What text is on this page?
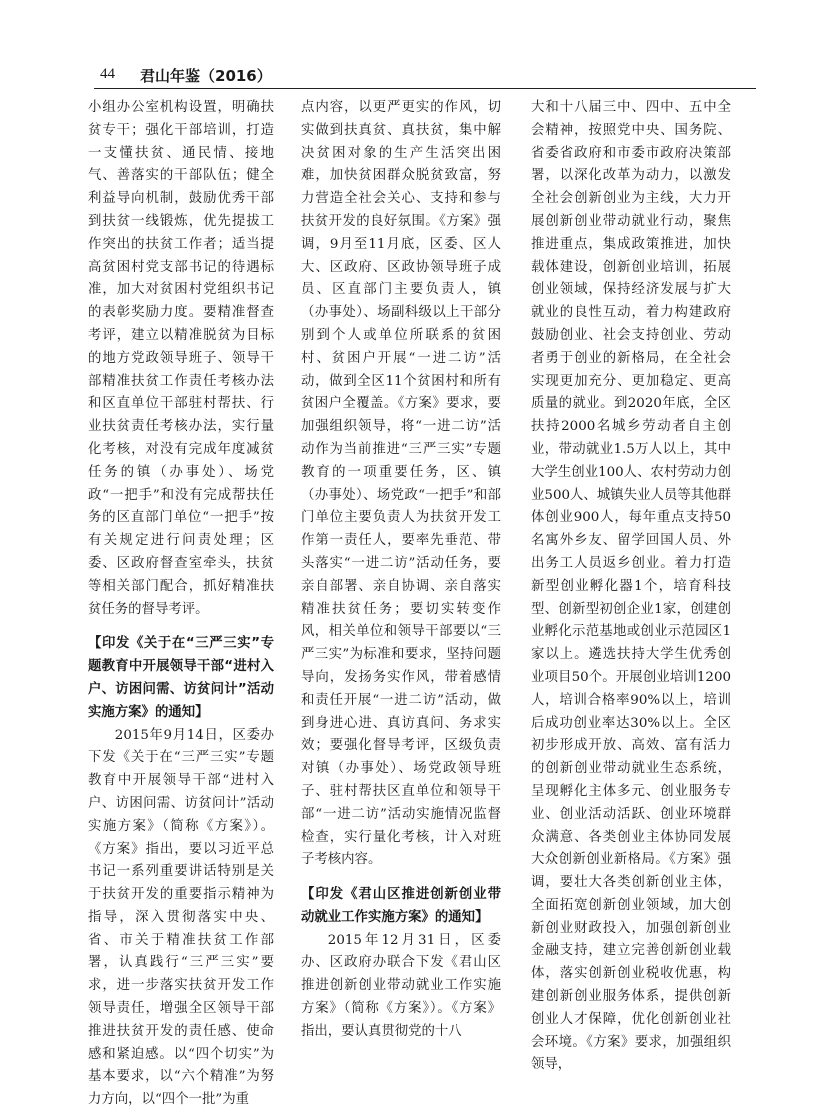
44 君山年鉴（2016）

小组办公室机构设置，明确扶贫专干；强化干部培训，打造一支懂扶贫、通民情、接地气、善落实的干部队伍；健全利益导向机制，鼓励优秀干部到扶贫一线锻炼，优先提拔工作突出的扶贫工作者；适当提高贫困村党支部书记的待遇标准，加大对贫困村党组织书记的表彰奖励力度。要精准督查考评，建立以精准脱贫为目标的地方党政领导班子、领导干部精准扶贫工作责任考核办法和区直单位干部驻村帮扶、行业扶贫责任考核办法，实行量化考核，对没有完成年度减贫任务的镇（办事处）、场党政“一把手”和没有完成帮扶任务的区直部门单位“一把手”按有关规定进行问责处理；区委、区政府督查室牵头，扶贫等相关部门配合，抓好精准扶贫任务的督导考评。

【印发《关于在“三严三实”专题教育中开展领导干部“进村入户、访困问需、访贫问计”活动实施方案》的通知】

2015年9月14日，区委办下发《关于在“三严三实”专题教育中开展领导干部“进村入户、访困问需、访贫问计”活动实施方案》（简称《方案》）。《方案》指出，要以习近平总书记一系列重要讲话特别是关于扶贫开发的重要指示精神为指导，深入贯彻落实中央、省、市关于精准扶贫工作部署，认真践行“三严三实”要求，进一步落实扶贫开发工作领导责任，增强全区领导干部推进扶贫开发的责任感、使命感和紧迫感。以“四个切实”为基本要求，以“六个精准”为努力方向，以“四个一批”为重

点内容，以更严更实的作风，切实做到扶真贫、真扶贫，集中解决贫困对象的生产生活突出困难，加快贫困群众脱贫致富，努力营造全社会关心、支持和参与扶贫开发的良好氛围。《方案》强调，9月至11月底，区委、区人大、区政府、区政协领导班子成员、区直部门主要负责人，镇（办事处）、场副科级以上干部分别到个人或单位所联系的贫困村、贫困户开展“一进二访”活动，做到全区11个贫困村和所有贫困户全覆盖。《方案》要求，要加强组织领导，将“一进二访”活动作为当前推进“三严三实”专题教育的一项重要任务，区、镇（办事处）、场党政“一把手”和部门单位主要负责人为扶贫开发工作第一责任人，要率先垂范、带头落实“一进二访”活动任务，要亲自部署、亲自协调、亲自落实精准扶贫任务；要切实转变作风，相关单位和领导干部要以“三严三实”为标准和要求，坚持问题导向，发扬务实作风，带着感情和责任开展“一进二访”活动，做到身进心进、真访真问、务求实效；要强化督导考评，区级负责对镇（办事处）、场党政领导班子、驻村帮扶区直单位和领导干部“一进二访”活动实施情况监督检查，实行量化考核，计入对班子考核内容。

【印发《君山区推进创新创业带动就业工作实施方案》的通知】

2015年12月31日，区委办、区政府办联合下发《君山区推进创新创业带动就业工作实施方案》（简称《方案》）。《方案》指出，要认真贯彻党的十八

大和十八届三中、四中、五中全会精神，按照党中央、国务院、省委省政府和市委市政府决策部署，以深化改革为动力，以激发全社会创新创业为主线，大力开展创新创业带动就业行动，聚焦推进重点，集成政策推进，加快载体建设，创新创业培训，拓展创业领域，保持经济发展与扩大就业的良性互动，着力构建政府鼓励创业、社会支持创业、劳动者勇于创业的新格局，在全社会实现更加充分、更加稳定、更高质量的就业。到2020年底，全区扶持2000名城乡劳动者自主创业，带动就业1.5万人以上，其中大学生创业100人、农村劳动力创业500人、城镇失业人员等其他群体创业900人，每年重点支持50名寓外乡友、留学回国人员、外出务工人员返乡创业。着力打造新型创业孵化器1个，培育科技型、创新型初创企业1家，创建创业孵化示范基地或创业示范园区1家以上。遴选扶持大学生优秀创业项目50个。开展创业培训1200人，培训合格率90%以上，培训后成功创业率达30%以上。全区初步形成开放、高效、富有活力的创新创业带动就业生态系统，呈现孵化主体多元、创业服务专业、创业活动活跃、创业环境群众满意、各类创业主体协同发展大众创新创业新格局。《方案》强调，要壮大各类创新创业主体，全面拓宽创新创业领域，加大创新创业财政投入，加强创新创业金融支持，建立完善创新创业载体，落实创新创业税收优惠，构建创新创业服务体系，提供创新创业人才保障，优化创新创业社会环境。《方案》要求，加强组织领导，
